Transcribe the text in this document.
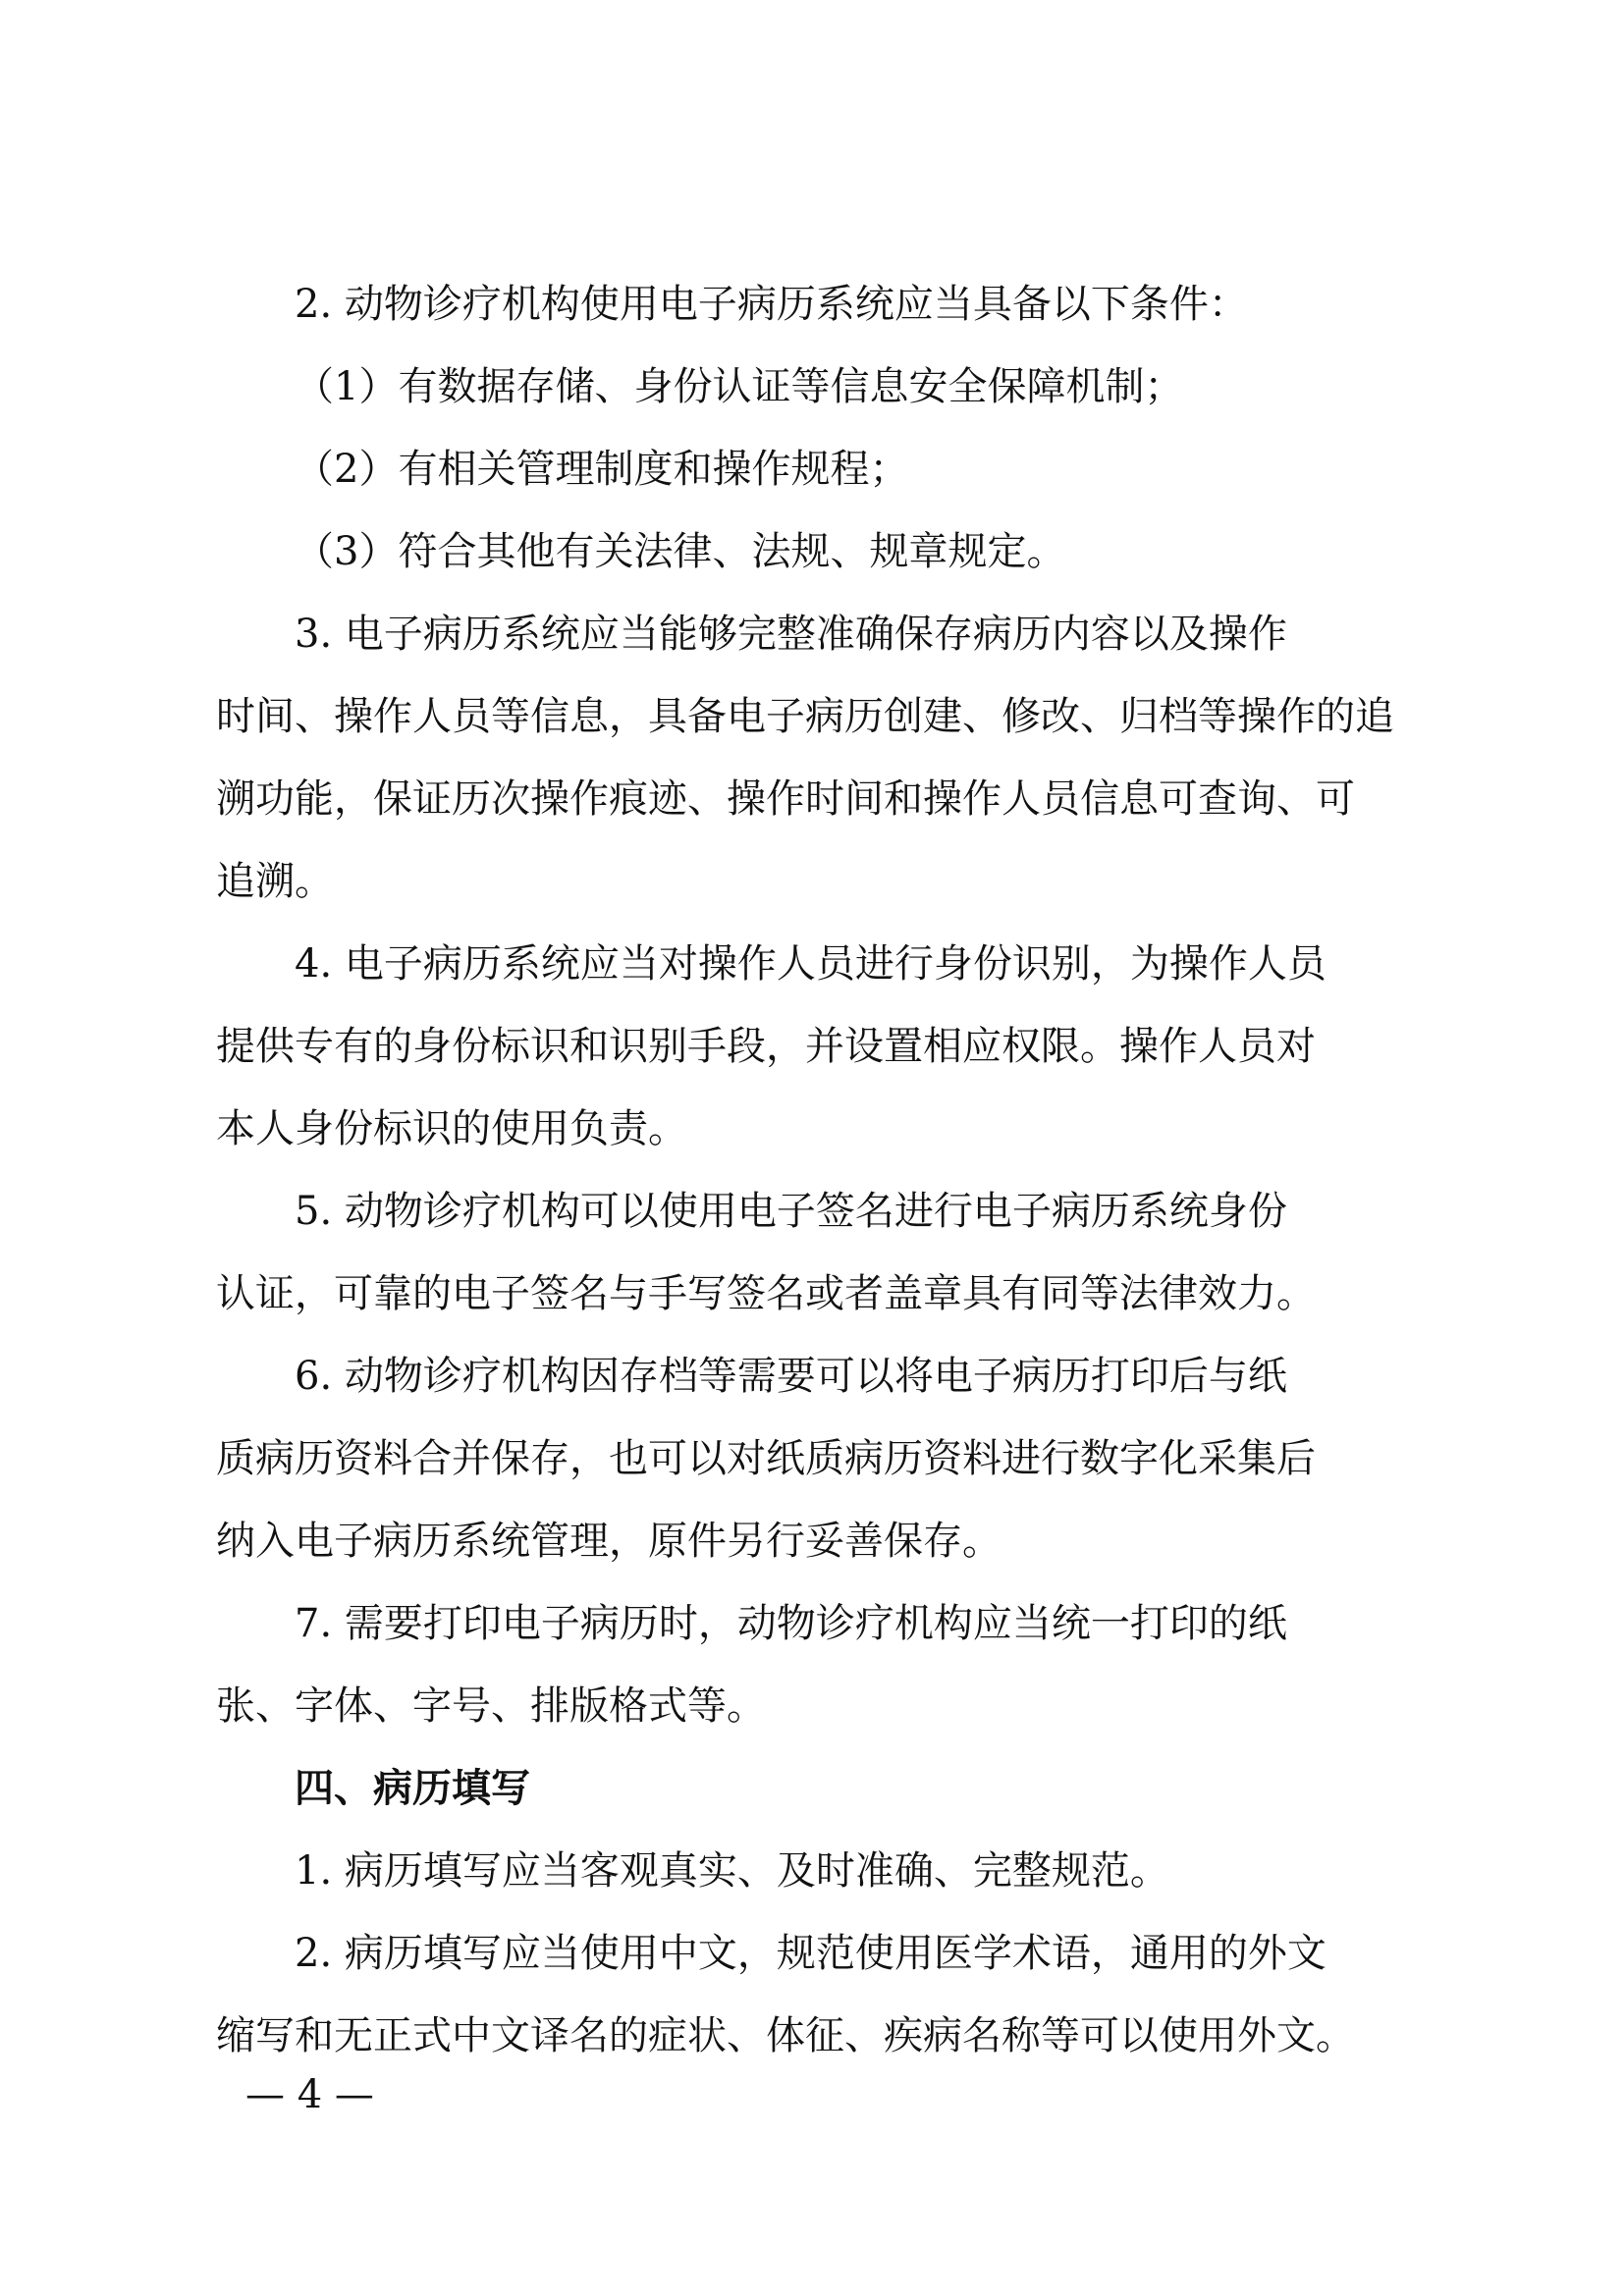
2. 动物诊疗机构使用电子病历系统应当具备以下条件：

（1）有数据存储、身份认证等信息安全保障机制；

（2）有相关管理制度和操作规程；

（3）符合其他有关法律、法规、规章规定。

3. 电子病历系统应当能够完整准确保存病历内容以及操作

时间、操作人员等信息，具备电子病历创建、修改、归档等操作的追

溯功能，保证历次操作痕迹、操作时间和操作人员信息可查询、可

追溯。

4. 电子病历系统应当对操作人员进行身份识别，为操作人员

提供专有的身份标识和识别手段，并设置相应权限。操作人员对

本人身份标识的使用负责。

5. 动物诊疗机构可以使用电子签名进行电子病历系统身份

认证，可靠的电子签名与手写签名或者盖章具有同等法律效力。

6. 动物诊疗机构因存档等需要可以将电子病历打印后与纸

质病历资料合并保存，也可以对纸质病历资料进行数字化采集后

纳入电子病历系统管理，原件另行妥善保存。

7. 需要打印电子病历时，动物诊疗机构应当统一打印的纸

张、字体、字号、排版格式等。

四、病历填写

1. 病历填写应当客观真实、及时准确、完整规范。

2. 病历填写应当使用中文，规范使用医学术语，通用的外文

缩写和无正式中文译名的症状、体征、疾病名称等可以使用外文。

— 4 —
